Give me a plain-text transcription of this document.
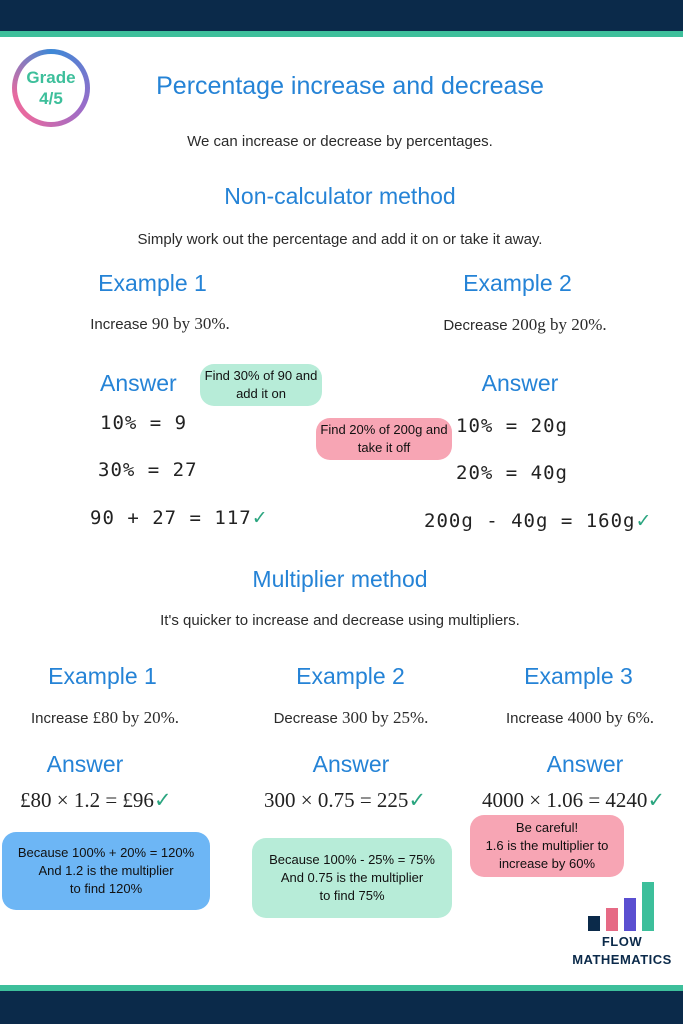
Grade
4/5	Percentage increase and decrease
We can increase or decrease by percentages.
Non-calculator method
Simply work out the percentage and add it on or take it away.
Example 1
Increase 90 by 30%.
Example 2
Decrease 200g by 20%.
Answer	Find 30% of 90 and add it on
10% = 9
30% = 27
90 + 27 = 117✓
Answer
Find 20% of 200g and take it off
10% = 20g
20% = 40g
200g - 40g = 160g✓
Multiplier method
It's quicker to increase and decrease using multipliers.
Example 1	Example 2	Example 3
Increase £80 by 20%.	Decrease 300 by 25%.	Increase 4000 by 6%.
Answer	Answer	Answer
£80 × 1.2 = £96✓	300 × 0.75 = 225✓	4000 × 1.06 = 4240✓
Because 100% + 20% = 120%
And 1.2 is the multiplier
to find 120%
Because 100% - 25% = 75%
And 0.75 is the multiplier
to find 75%
Be careful!
1.6 is the multiplier to
increase by 60%
FLOW
MATHEMATICS
